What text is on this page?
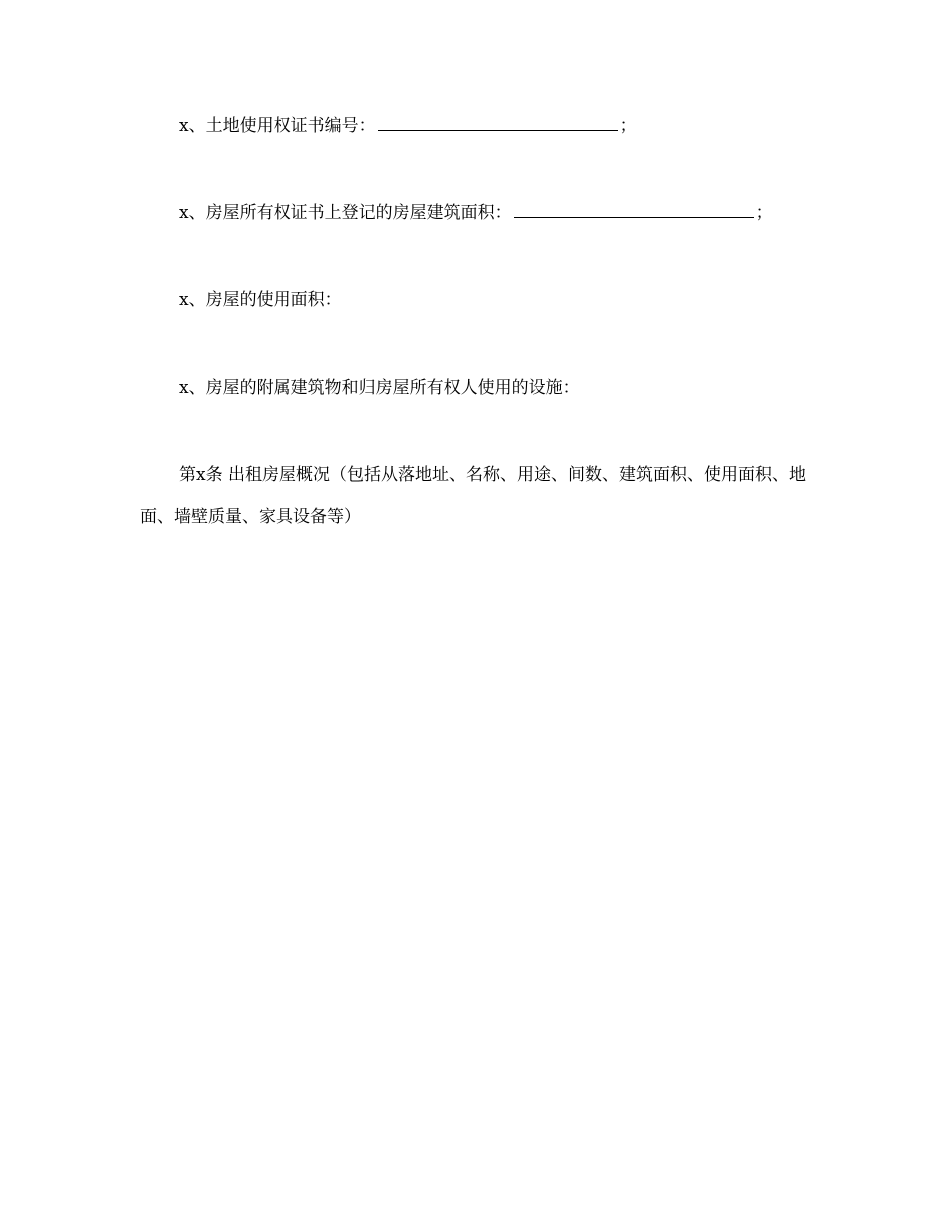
x、土地使用权证书编号：	；
x、房屋所有权证书上登记的房屋建筑面积：	；
x、房屋的使用面积：
x、房屋的附属建筑物和归房屋所有权人使用的设施：
第x条 出租房屋概况（包括从落地址、名称、用途、间数、建筑面积、使用面积、地面、墙壁质量、家具设备等）
